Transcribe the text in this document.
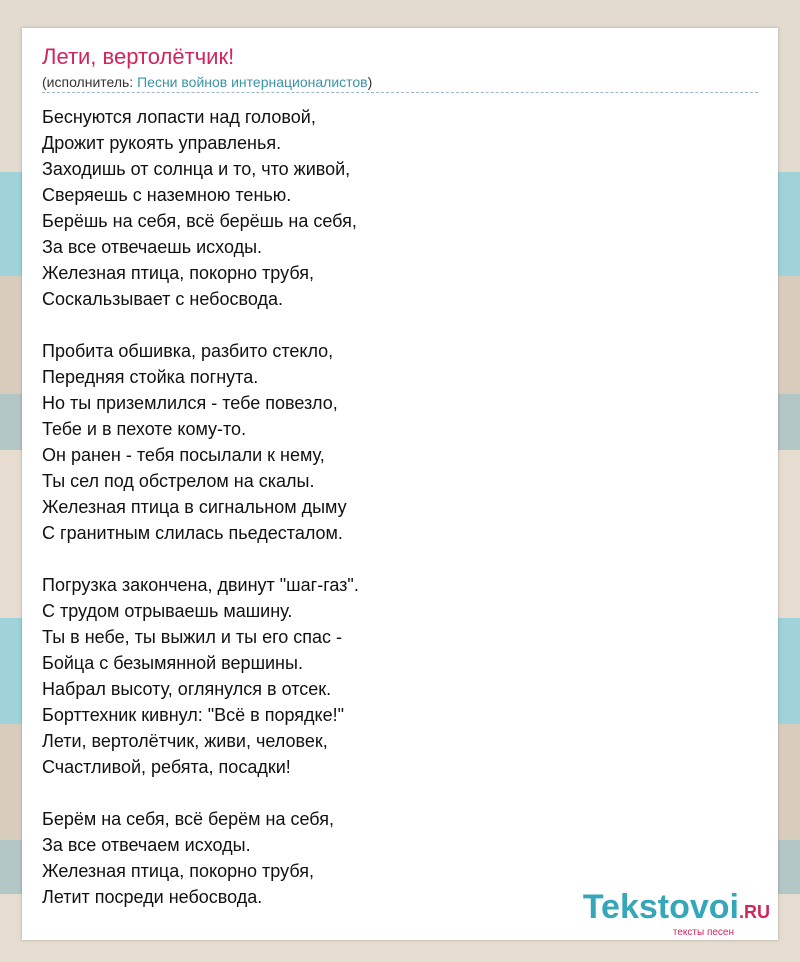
Лети, вертолётчик!
(исполнитель: Песни войнов интернационалистов)
Беснуются лопасти над головой,
Дрожит рукоять управленья.
Заходишь от солнца и то, что живой,
Сверяешь с наземною тенью.
Берёшь на себя, всё берёшь на себя,
За все отвечаешь исходы.
Железная птица, покорно трубя,
Соскальзывает с небосвода.
Пробита обшивка, разбито стекло,
Передняя стойка погнута.
Но ты приземлился - тебе повезло,
Тебе и в пехоте кому-то.
Он ранен - тебя посылали к нему,
Ты сел под обстрелом на скалы.
Железная птица в сигнальном дыму
С гранитным слилась пьедесталом.
Погрузка закончена, двинут "шаг-газ".
С трудом отрываешь машину.
Ты в небе, ты выжил и ты его спас -
Бойца с безымянной вершины.
Набрал высоту, оглянулся в отсек.
Борттехник кивнул: "Всё в порядке!"
Лети, вертолётчик, живи, человек,
Счастливой, ребята, посадки!
Берём на себя, всё берём на себя,
За все отвечаем исходы.
Железная птица, покорно трубя,
Летит посреди небосвода.	Tekstovoi.RU
тексты песен
